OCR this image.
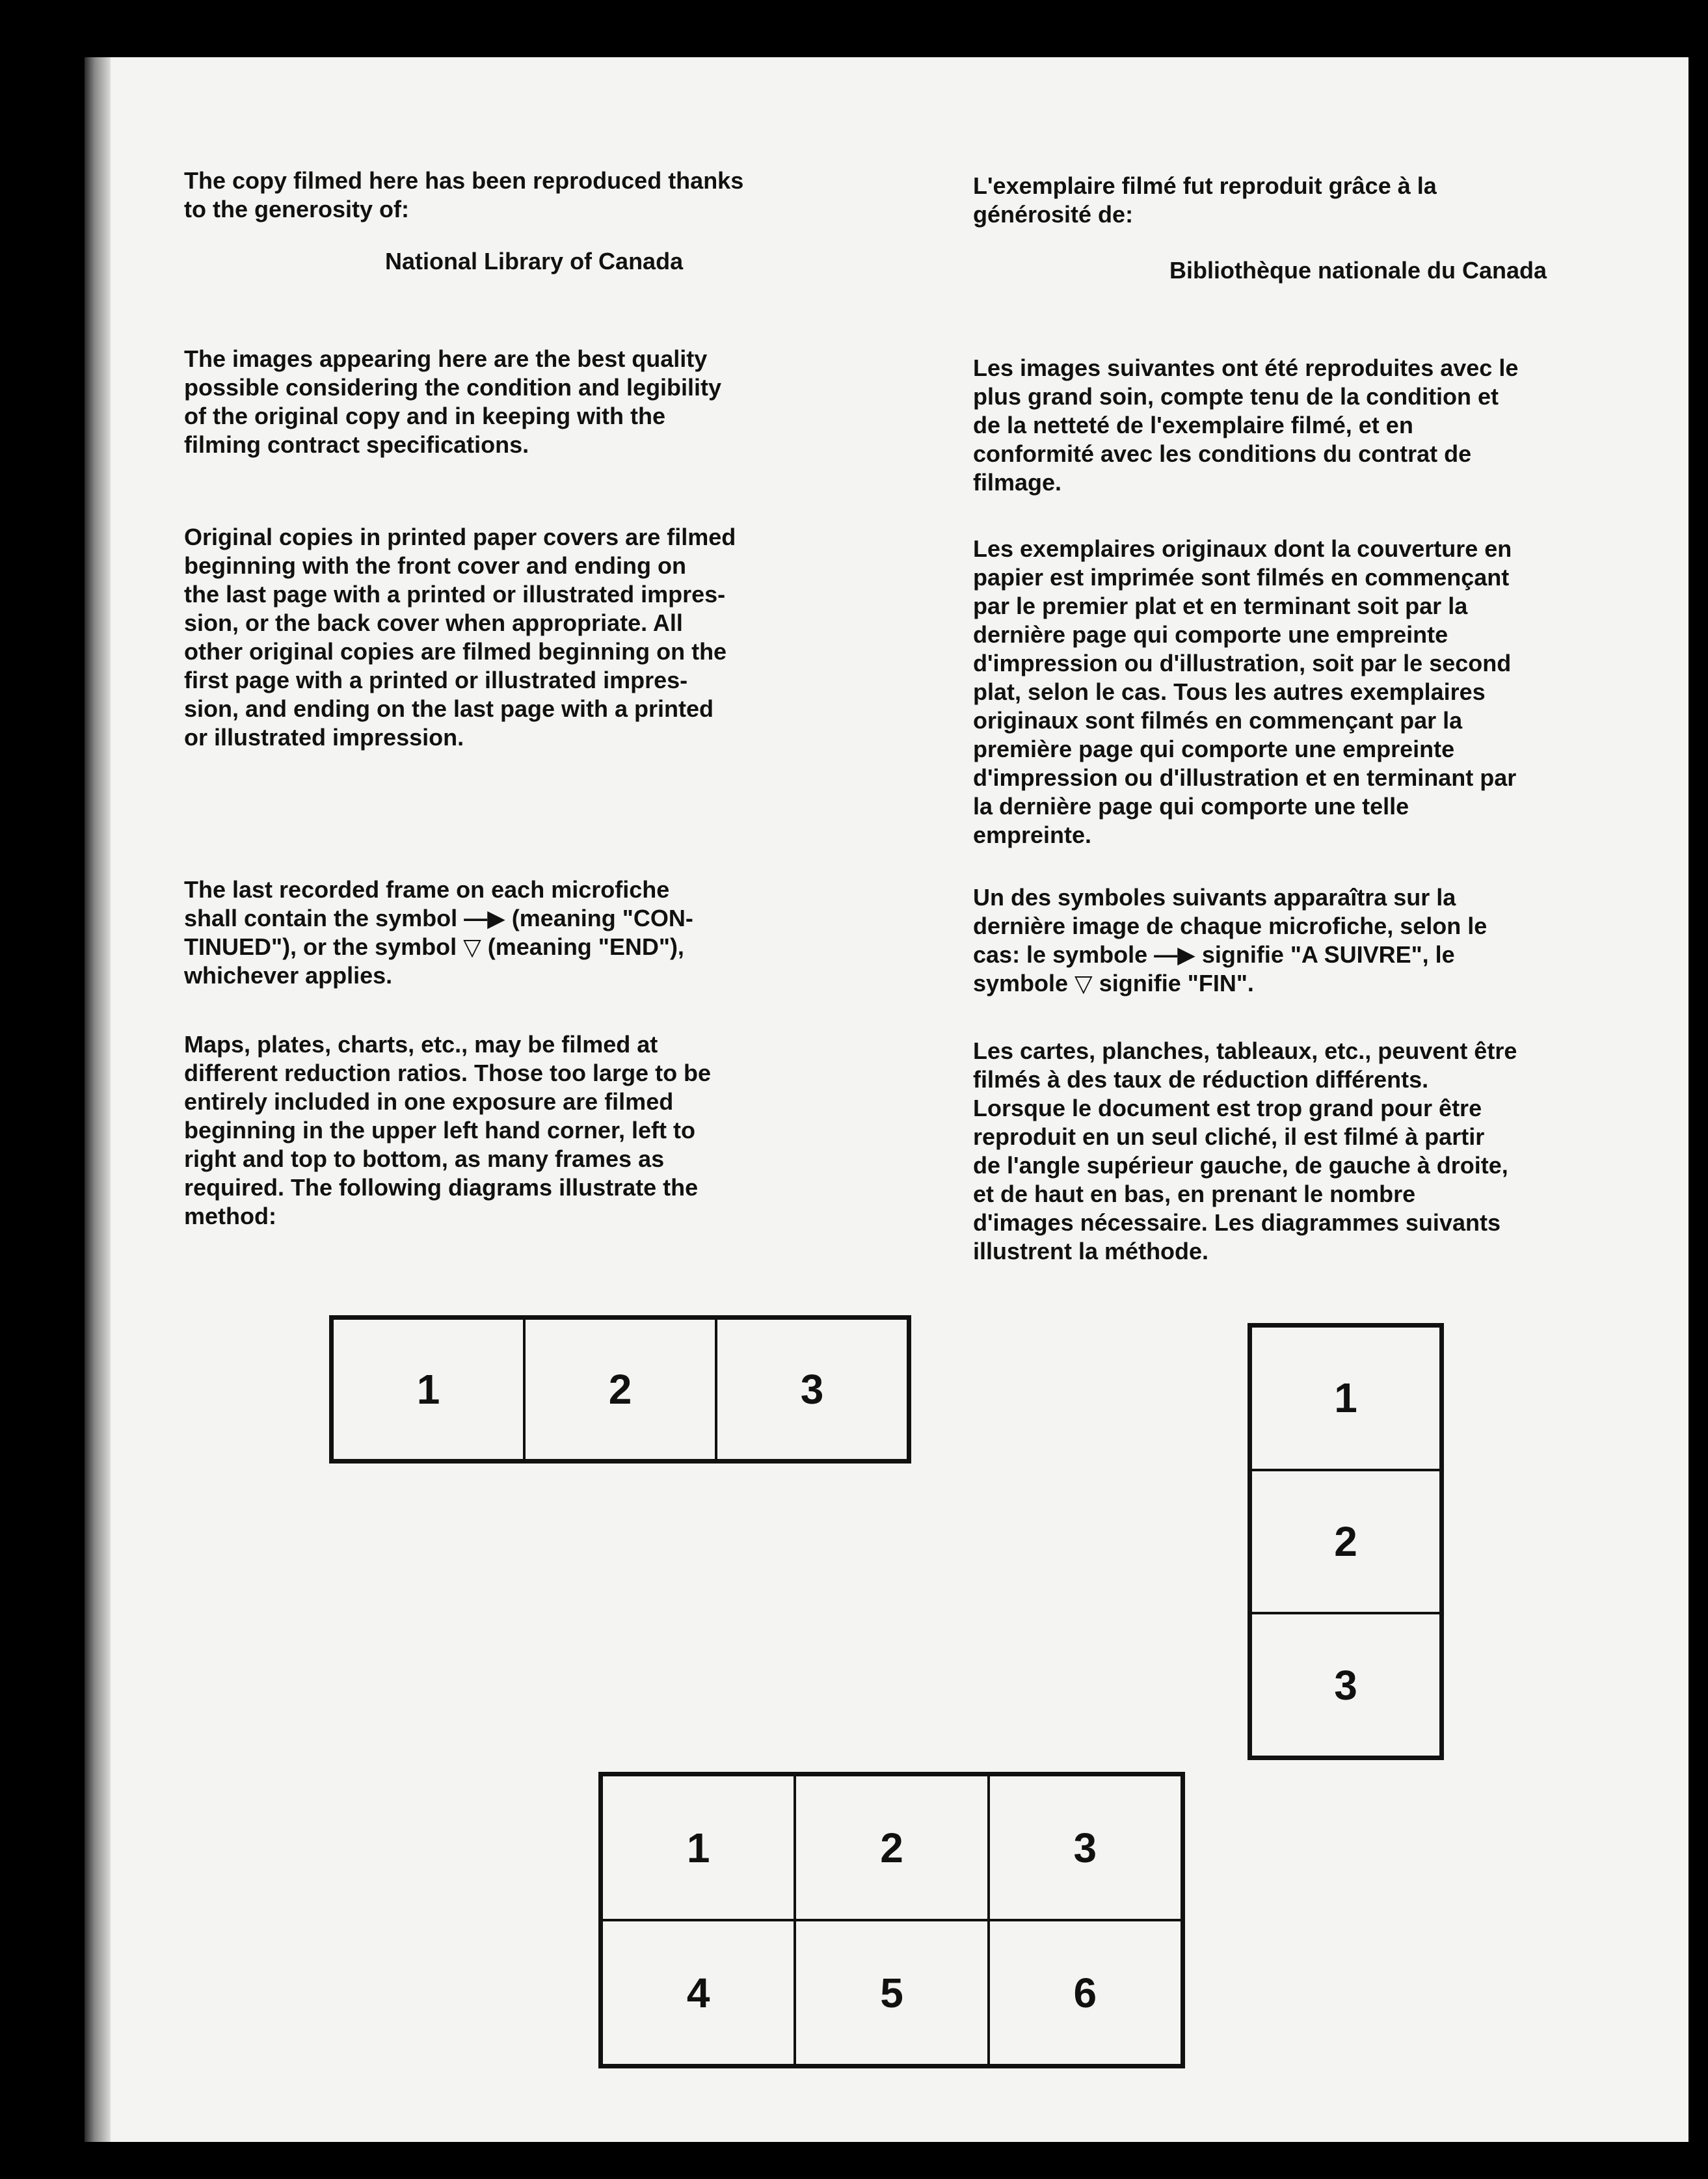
The copy filmed here has been reproduced thanks
to the generosity of:

National Library of Canada

The images appearing here are the best quality
possible considering the condition and legibility
of the original copy and in keeping with the
filming contract specifications.

Original copies in printed paper covers are filmed
beginning with the front cover and ending on
the last page with a printed or illustrated impres-
sion, or the back cover when appropriate. All
other original copies are filmed beginning on the
first page with a printed or illustrated impres-
sion, and ending on the last page with a printed
or illustrated impression.

The last recorded frame on each microfiche
shall contain the symbol —▶ (meaning "CON-
TINUED"), or the symbol ▽ (meaning "END"),
whichever applies.

Maps, plates, charts, etc., may be filmed at
different reduction ratios. Those too large to be
entirely included in one exposure are filmed
beginning in the upper left hand corner, left to
right and top to bottom, as many frames as
required. The following diagrams illustrate the
method:

L'exemplaire filmé fut reproduit grâce à la
générosité de:

Bibliothèque nationale du Canada

Les images suivantes ont été reproduites avec le
plus grand soin, compte tenu de la condition et
de la netteté de l'exemplaire filmé, et en
conformité avec les conditions du contrat de
filmage.

Les exemplaires originaux dont la couverture en
papier est imprimée sont filmés en commençant
par le premier plat et en terminant soit par la
dernière page qui comporte une empreinte
d'impression ou d'illustration, soit par le second
plat, selon le cas. Tous les autres exemplaires
originaux sont filmés en commençant par la
première page qui comporte une empreinte
d'impression ou d'illustration et en terminant par
la dernière page qui comporte une telle
empreinte.

Un des symboles suivants apparaîtra sur la
dernière image de chaque microfiche, selon le
cas: le symbole —▶ signifie "A SUIVRE", le
symbole ▽ signifie "FIN".

Les cartes, planches, tableaux, etc., peuvent être
filmés à des taux de réduction différents.
Lorsque le document est trop grand pour être
reproduit en un seul cliché, il est filmé à partir
de l'angle supérieur gauche, de gauche à droite,
et de haut en bas, en prenant le nombre
d'images nécessaire. Les diagrammes suivants
illustrent la méthode.

1	2	3	1
2
3
1	2	3
4	5	6
